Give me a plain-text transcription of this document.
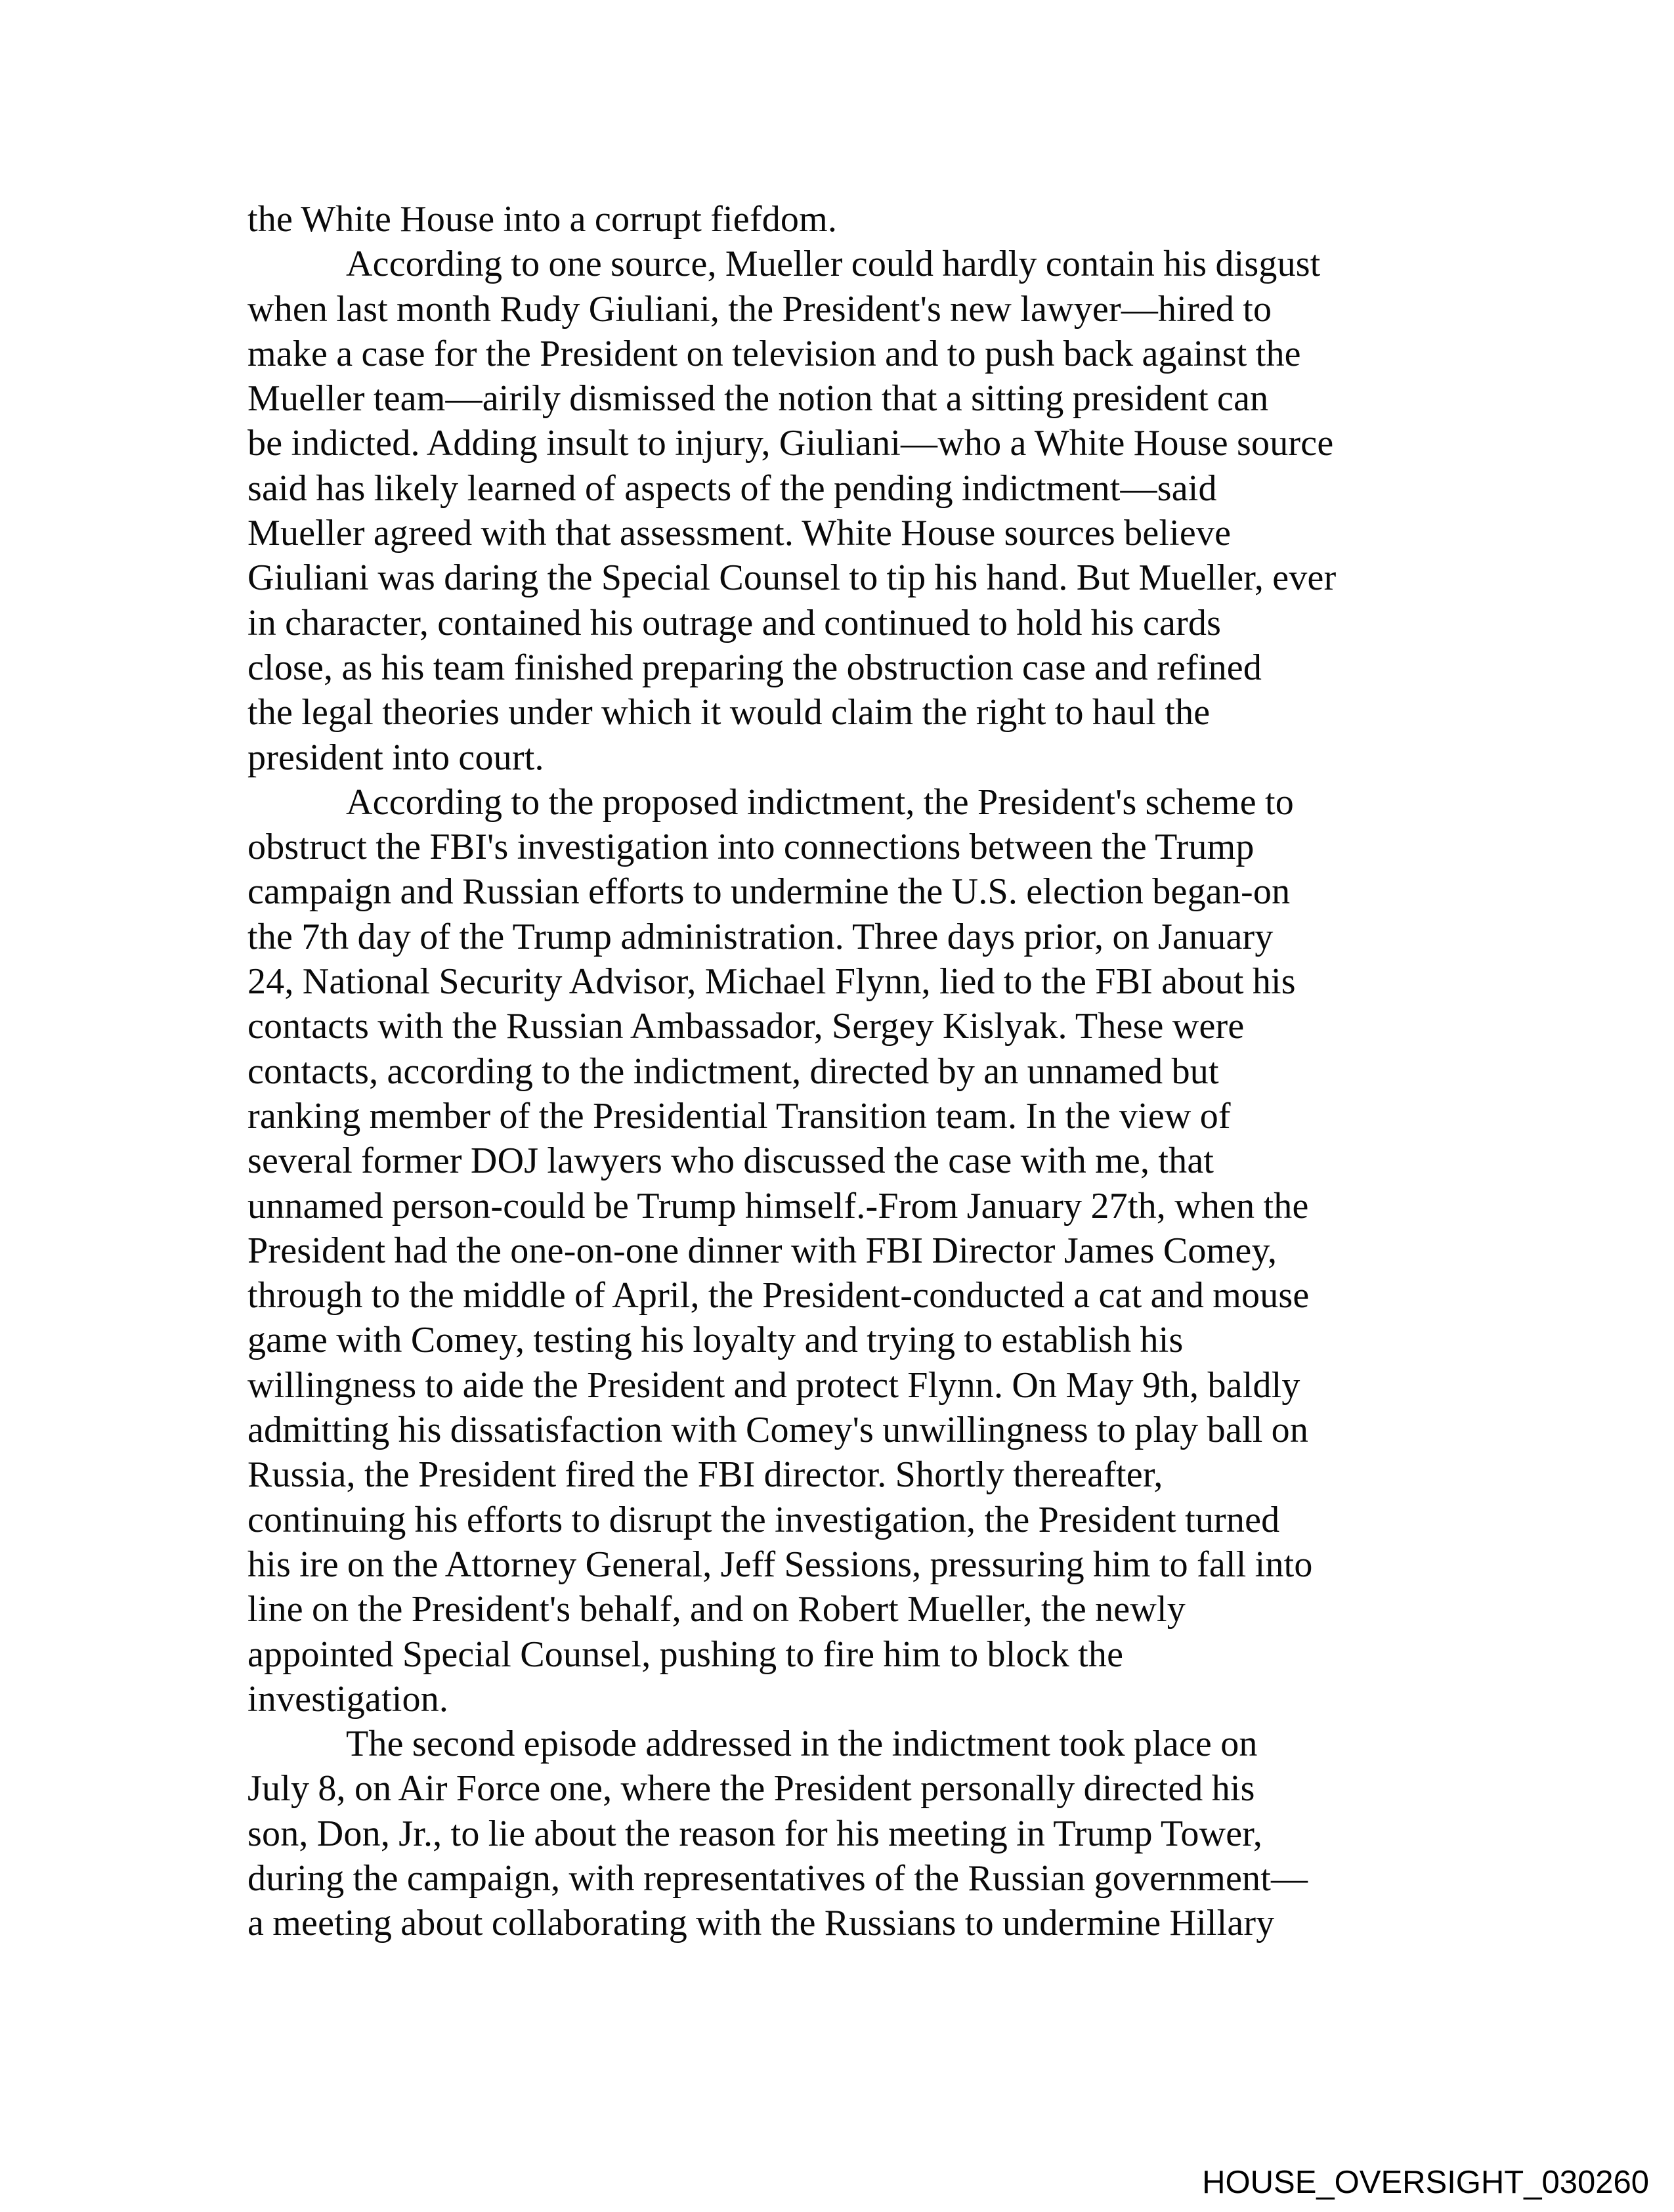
the White House into a corrupt fiefdom.
According to one source, Mueller could hardly contain his disgust
when last month Rudy Giuliani, the President's new lawyer—hired to
make a case for the President on television and to push back against the
Mueller team—airily dismissed the notion that a sitting president can
be indicted. Adding insult to injury, Giuliani—who a White House source
said has likely learned of aspects of the pending indictment—said
Mueller agreed with that assessment. White House sources believe
Giuliani was daring the Special Counsel to tip his hand. But Mueller, ever
in character, contained his outrage and continued to hold his cards
close, as his team finished preparing the obstruction case and refined
the legal theories under which it would claim the right to haul the
president into court.
According to the proposed indictment, the President's scheme to
obstruct the FBI's investigation into connections between the Trump
campaign and Russian efforts to undermine the U.S. election began-on
the 7th day of the Trump administration. Three days prior, on January
24, National Security Advisor, Michael Flynn, lied to the FBI about his
contacts with the Russian Ambassador, Sergey Kislyak. These were
contacts, according to the indictment, directed by an unnamed but
ranking member of the Presidential Transition team. In the view of
several former DOJ lawyers who discussed the case with me, that
unnamed person-could be Trump himself.-From January 27th, when the
President had the one-on-one dinner with FBI Director James Comey,
through to the middle of April, the President-conducted a cat and mouse
game with Comey, testing his loyalty and trying to establish his
willingness to aide the President and protect Flynn. On May 9th, baldly
admitting his dissatisfaction with Comey's unwillingness to play ball on
Russia, the President fired the FBI director. Shortly thereafter,
continuing his efforts to disrupt the investigation, the President turned
his ire on the Attorney General, Jeff Sessions, pressuring him to fall into
line on the President's behalf, and on Robert Mueller, the newly
appointed Special Counsel, pushing to fire him to block the
investigation.
The second episode addressed in the indictment took place on
July 8, on Air Force one, where the President personally directed his
son, Don, Jr., to lie about the reason for his meeting in Trump Tower,
during the campaign, with representatives of the Russian government—
a meeting about collaborating with the Russians to undermine Hillary
HOUSE_OVERSIGHT_030260
